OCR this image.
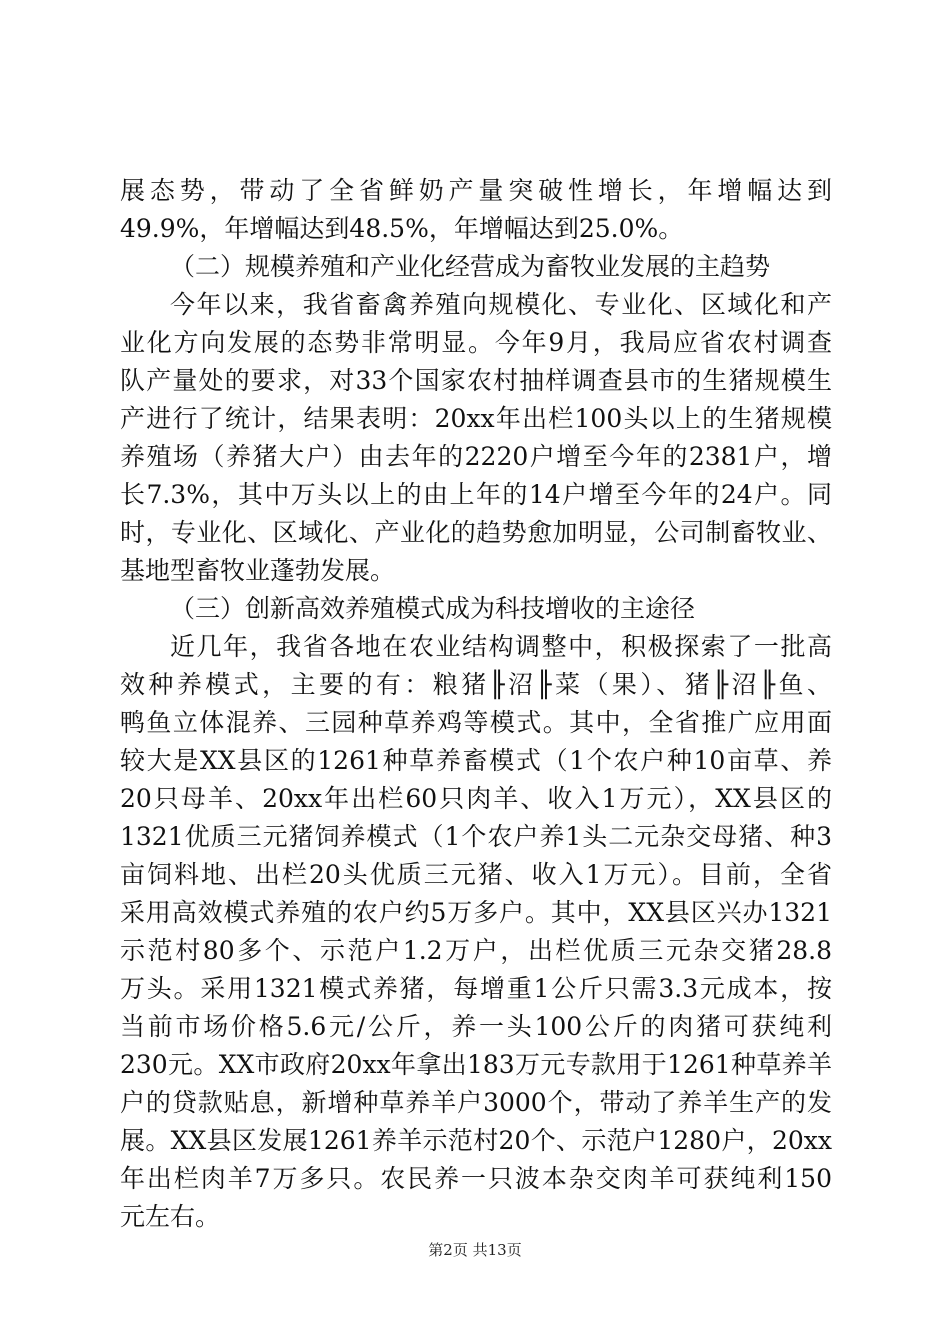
展态势，带动了全省鲜奶产量突破性增长，年增幅达到
49.9%，年增幅达到48.5%，年增幅达到25.0%。
（二）规模养殖和产业化经营成为畜牧业发展的主趋势
今年以来，我省畜禽养殖向规模化、专业化、区域化和产
业化方向发展的态势非常明显。今年9月，我局应省农村调查
队产量处的要求，对33个国家农村抽样调查县市的生猪规模生
产进行了统计，结果表明：20xx年出栏100头以上的生猪规模
养殖场（养猪大户）由去年的2220户增至今年的2381户，增
长7.3%，其中万头以上的由上年的14户增至今年的24户。同
时，专业化、区域化、产业化的趋势愈加明显，公司制畜牧业、
基地型畜牧业蓬勃发展。
（三）创新高效养殖模式成为科技增收的主途径
近几年，我省各地在农业结构调整中，积极探索了一批高
效种养模式，主要的有：粮猪╟沼╟菜（果）、猪╟沼╟鱼、
鸭鱼立体混养、三园种草养鸡等模式。其中，全省推广应用面
较大是XX县区的1261种草养畜模式（1个农户种10亩草、养
20只母羊、20xx年出栏60只肉羊、收入1万元），XX县区的
1321优质三元猪饲养模式（1个农户养1头二元杂交母猪、种3
亩饲料地、出栏20头优质三元猪、收入1万元）。目前，全省
采用高效模式养殖的农户约5万多户。其中，XX县区兴办1321
示范村80多个、示范户1.2万户，出栏优质三元杂交猪28.8
万头。采用1321模式养猪，每增重1公斤只需3.3元成本，按
当前市场价格5.6元/公斤，养一头100公斤的肉猪可获纯利
230元。XX市政府20xx年拿出183万元专款用于1261种草养羊
户的贷款贴息，新增种草养羊户3000个，带动了养羊生产的发
展。XX县区发展1261养羊示范村20个、示范户1280户，20xx
年出栏肉羊7万多只。农民养一只波本杂交肉羊可获纯利150
元左右。
第2页 共13页
